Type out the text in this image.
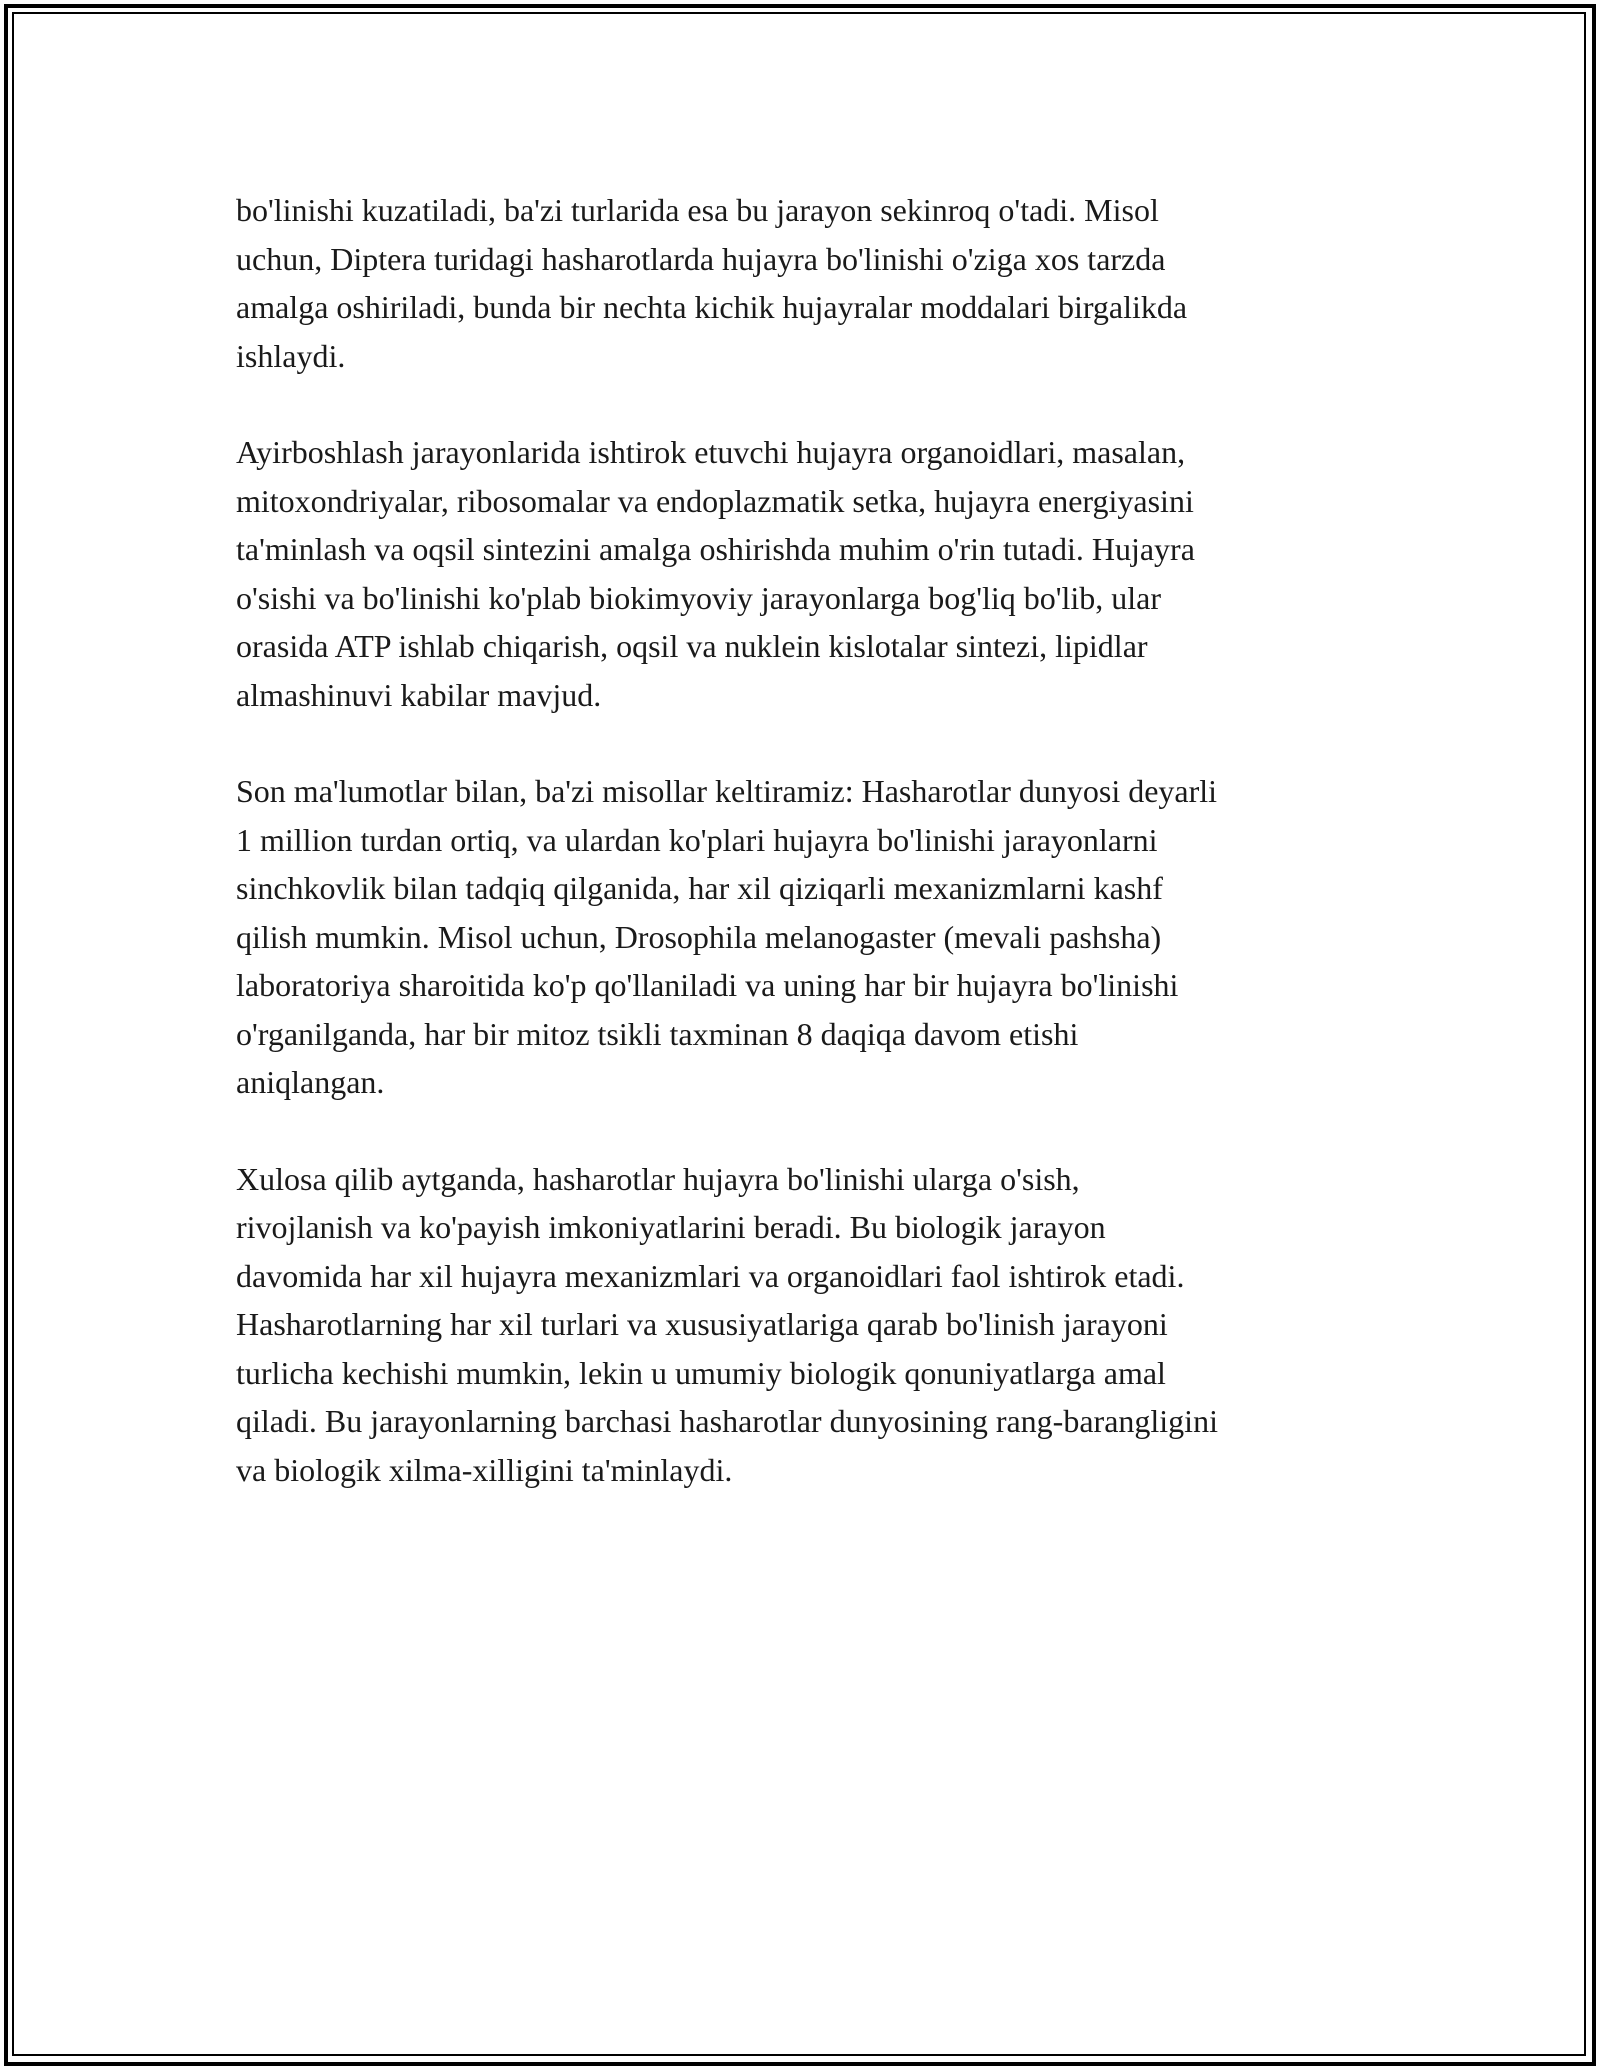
bo'linishi kuzatiladi, ba'zi turlarida esa bu jarayon sekinroq o'tadi. Misol
uchun, Diptera turidagi hasharotlarda hujayra bo'linishi o'ziga xos tarzda
amalga oshiriladi, bunda bir nechta kichik hujayralar moddalari birgalikda
ishlaydi.

Ayirboshlash jarayonlarida ishtirok etuvchi hujayra organoidlari, masalan,
mitoxondriyalar, ribosomalar va endoplazmatik setka, hujayra energiyasini
ta'minlash va oqsil sintezini amalga oshirishda muhim o'rin tutadi. Hujayra
o'sishi va bo'linishi ko'plab biokimyoviy jarayonlarga bog'liq bo'lib, ular
orasida ATP ishlab chiqarish, oqsil va nuklein kislotalar sintezi, lipidlar
almashinuvi kabilar mavjud.

Son ma'lumotlar bilan, ba'zi misollar keltiramiz: Hasharotlar dunyosi deyarli
1 million turdan ortiq, va ulardan ko'plari hujayra bo'linishi jarayonlarni
sinchkovlik bilan tadqiq qilganida, har xil qiziqarli mexanizmlarni kashf
qilish mumkin. Misol uchun, Drosophila melanogaster (mevali pashsha)
laboratoriya sharoitida ko'p qo'llaniladi va uning har bir hujayra bo'linishi
o'rganilganda, har bir mitoz tsikli taxminan 8 daqiqa davom etishi
aniqlangan.

Xulosa qilib aytganda, hasharotlar hujayra bo'linishi ularga o'sish,
rivojlanish va ko'payish imkoniyatlarini beradi. Bu biologik jarayon
davomida har xil hujayra mexanizmlari va organoidlari faol ishtirok etadi.
Hasharotlarning har xil turlari va xususiyatlariga qarab bo'linish jarayoni
turlicha kechishi mumkin, lekin u umumiy biologik qonuniyatlarga amal
qiladi. Bu jarayonlarning barchasi hasharotlar dunyosining rang-barangligini
va biologik xilma-xilligini ta'minlaydi.
